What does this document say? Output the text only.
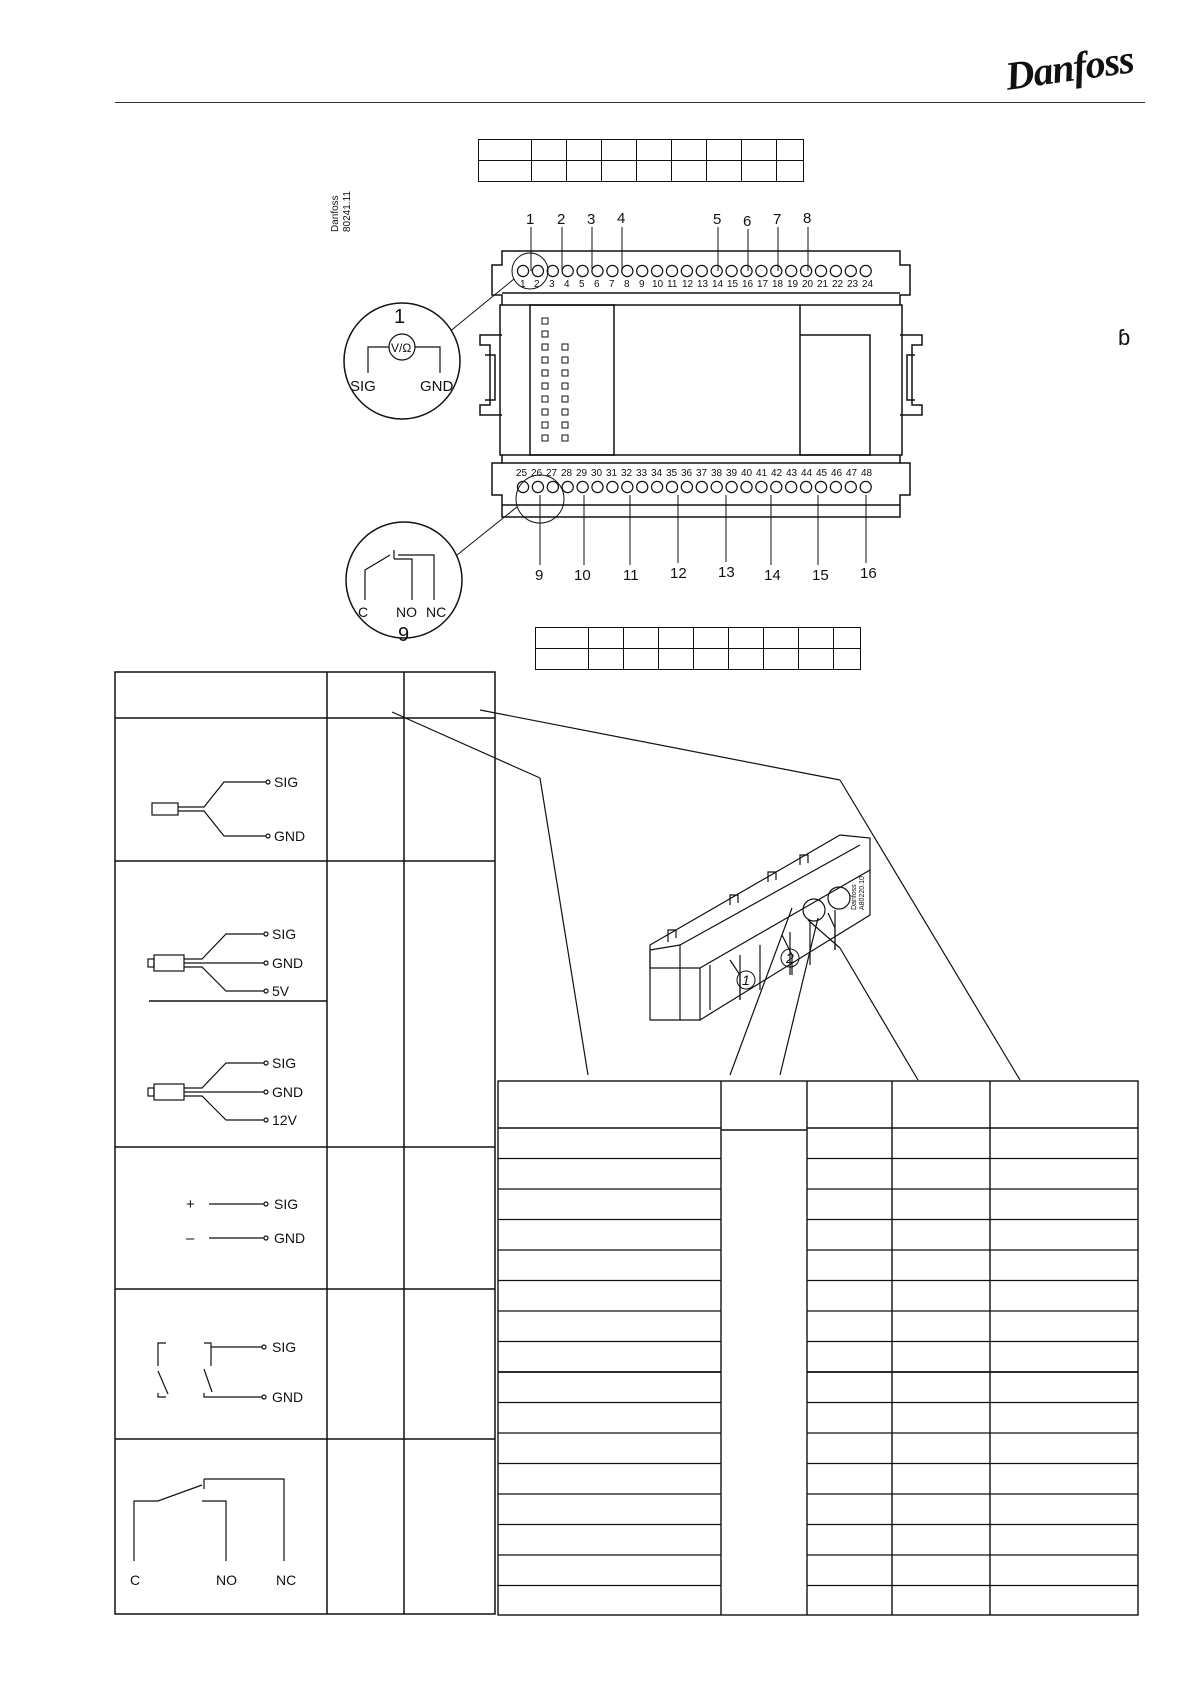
Danfoss

Danfoss 80241.11
Danfoss A80220.10
ɓ
1 2 3 4 5 6 7 8 9 10 11 12 13 14 15 16 17 18 19 20 21 22 23 24
25 26 27 28 29 30 31 32 33 34 35 36 37 38 39 40 41 42 43 44 45 46 47 48
1 2 3 4	5 6 7 8
9 10 11 12 13 14 15 16
1
V/Ω
SIG	GND
C NO NC
9
SIG
GND
SIG
GND
5V
SIG
GND
12V
+
–
SIG
GND
SIG
GND
C	NO	NC
1
2
